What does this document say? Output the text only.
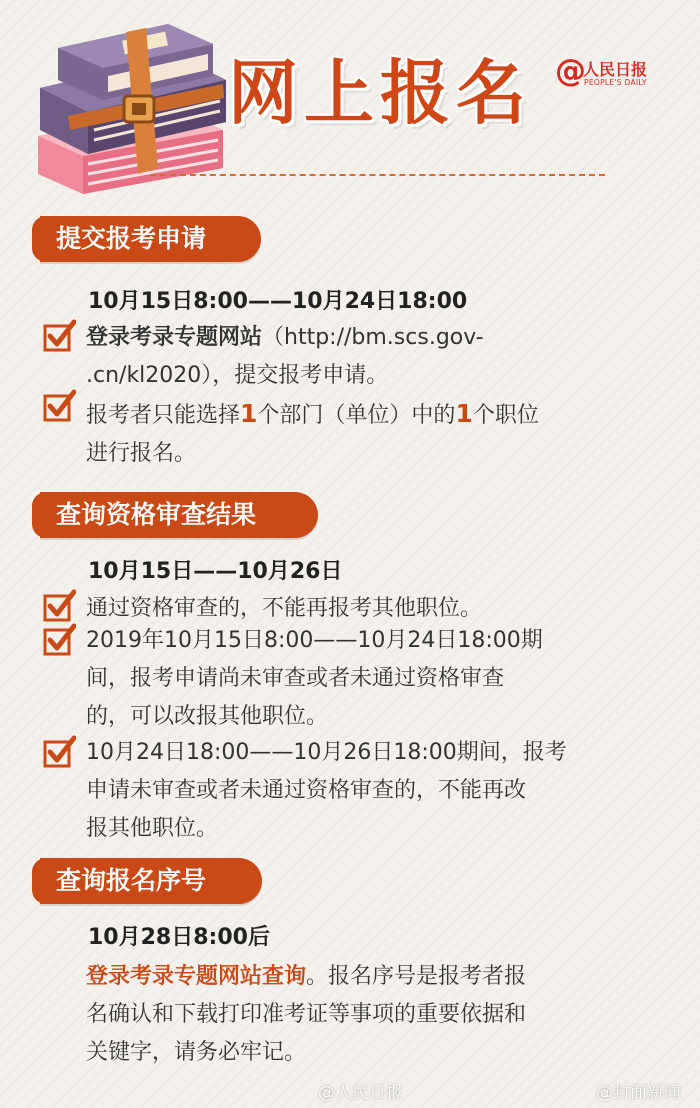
网上报名 @
人民日报
PEOPLE'S DAILY
提交报考申请
10月15日8:00——10月24日18:00
登录考录专题网站（http://bm.scs.gov-
.cn/kl2020），提交报考申请。
报考者只能选择1个部门（单位）中的1个职位
进行报名。
查询资格审查结果
10月15日——10月26日
通过资格审查的，不能再报考其他职位。
2019年10月15日8:00——10月24日18:00期
间，报考申请尚未审查或者未通过资格审查
的，可以改报其他职位。
10月24日18:00——10月26日18:00期间，报考
申请未审查或者未通过资格审查的，不能再改
报其他职位。
查询报名序号
10月28日8:00后
登录考录专题网站查询。报名序号是报考者报
名确认和下载打印准考证等事项的重要依据和
关键字，请务必牢记。
@人民日报	@封面新闻
